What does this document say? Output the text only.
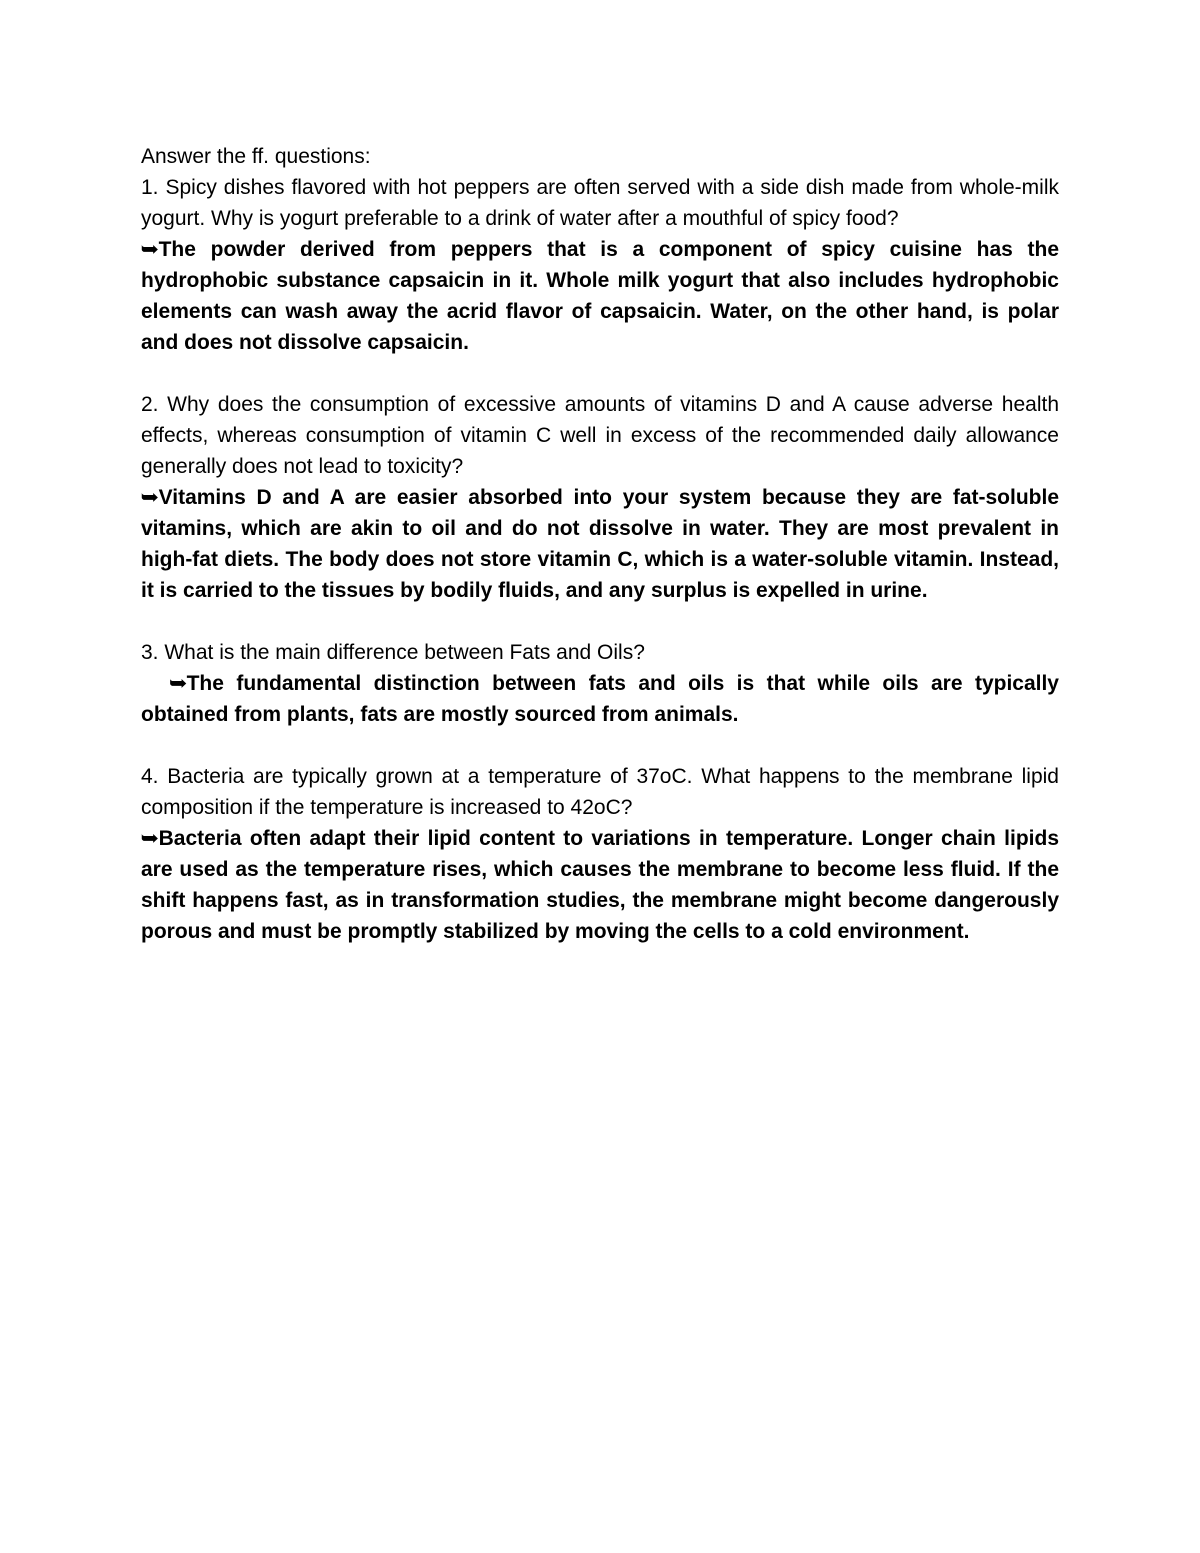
Answer the ff. questions:

1. Spicy dishes flavored with hot peppers are often served with a side dish made from whole-milk yogurt. Why is yogurt preferable to a drink of water after a mouthful of spicy food?

➥The powder derived from peppers that is a component of spicy cuisine has the hydrophobic substance capsaicin in it. Whole milk yogurt that also includes hydrophobic elements can wash away the acrid flavor of capsaicin. Water, on the other hand, is polar and does not dissolve capsaicin.

2. Why does the consumption of excessive amounts of vitamins D and A cause adverse health effects, whereas consumption of vitamin C well in excess of the recommended daily allowance generally does not lead to toxicity?

➥Vitamins D and A are easier absorbed into your system because they are fat-soluble vitamins, which are akin to oil and do not dissolve in water. They are most prevalent in high-fat diets. The body does not store vitamin C, which is a water-soluble vitamin. Instead, it is carried to the tissues by bodily fluids, and any surplus is expelled in urine.

3. What is the main difference between Fats and Oils?

➥The fundamental distinction between fats and oils is that while oils are typically obtained from plants, fats are mostly sourced from animals.

4. Bacteria are typically grown at a temperature of 37oC. What happens to the membrane lipid composition if the temperature is increased to 42oC?

➥Bacteria often adapt their lipid content to variations in temperature. Longer chain lipids are used as the temperature rises, which causes the membrane to become less fluid. If the shift happens fast, as in transformation studies, the membrane might become dangerously porous and must be promptly stabilized by moving the cells to a cold environment.
